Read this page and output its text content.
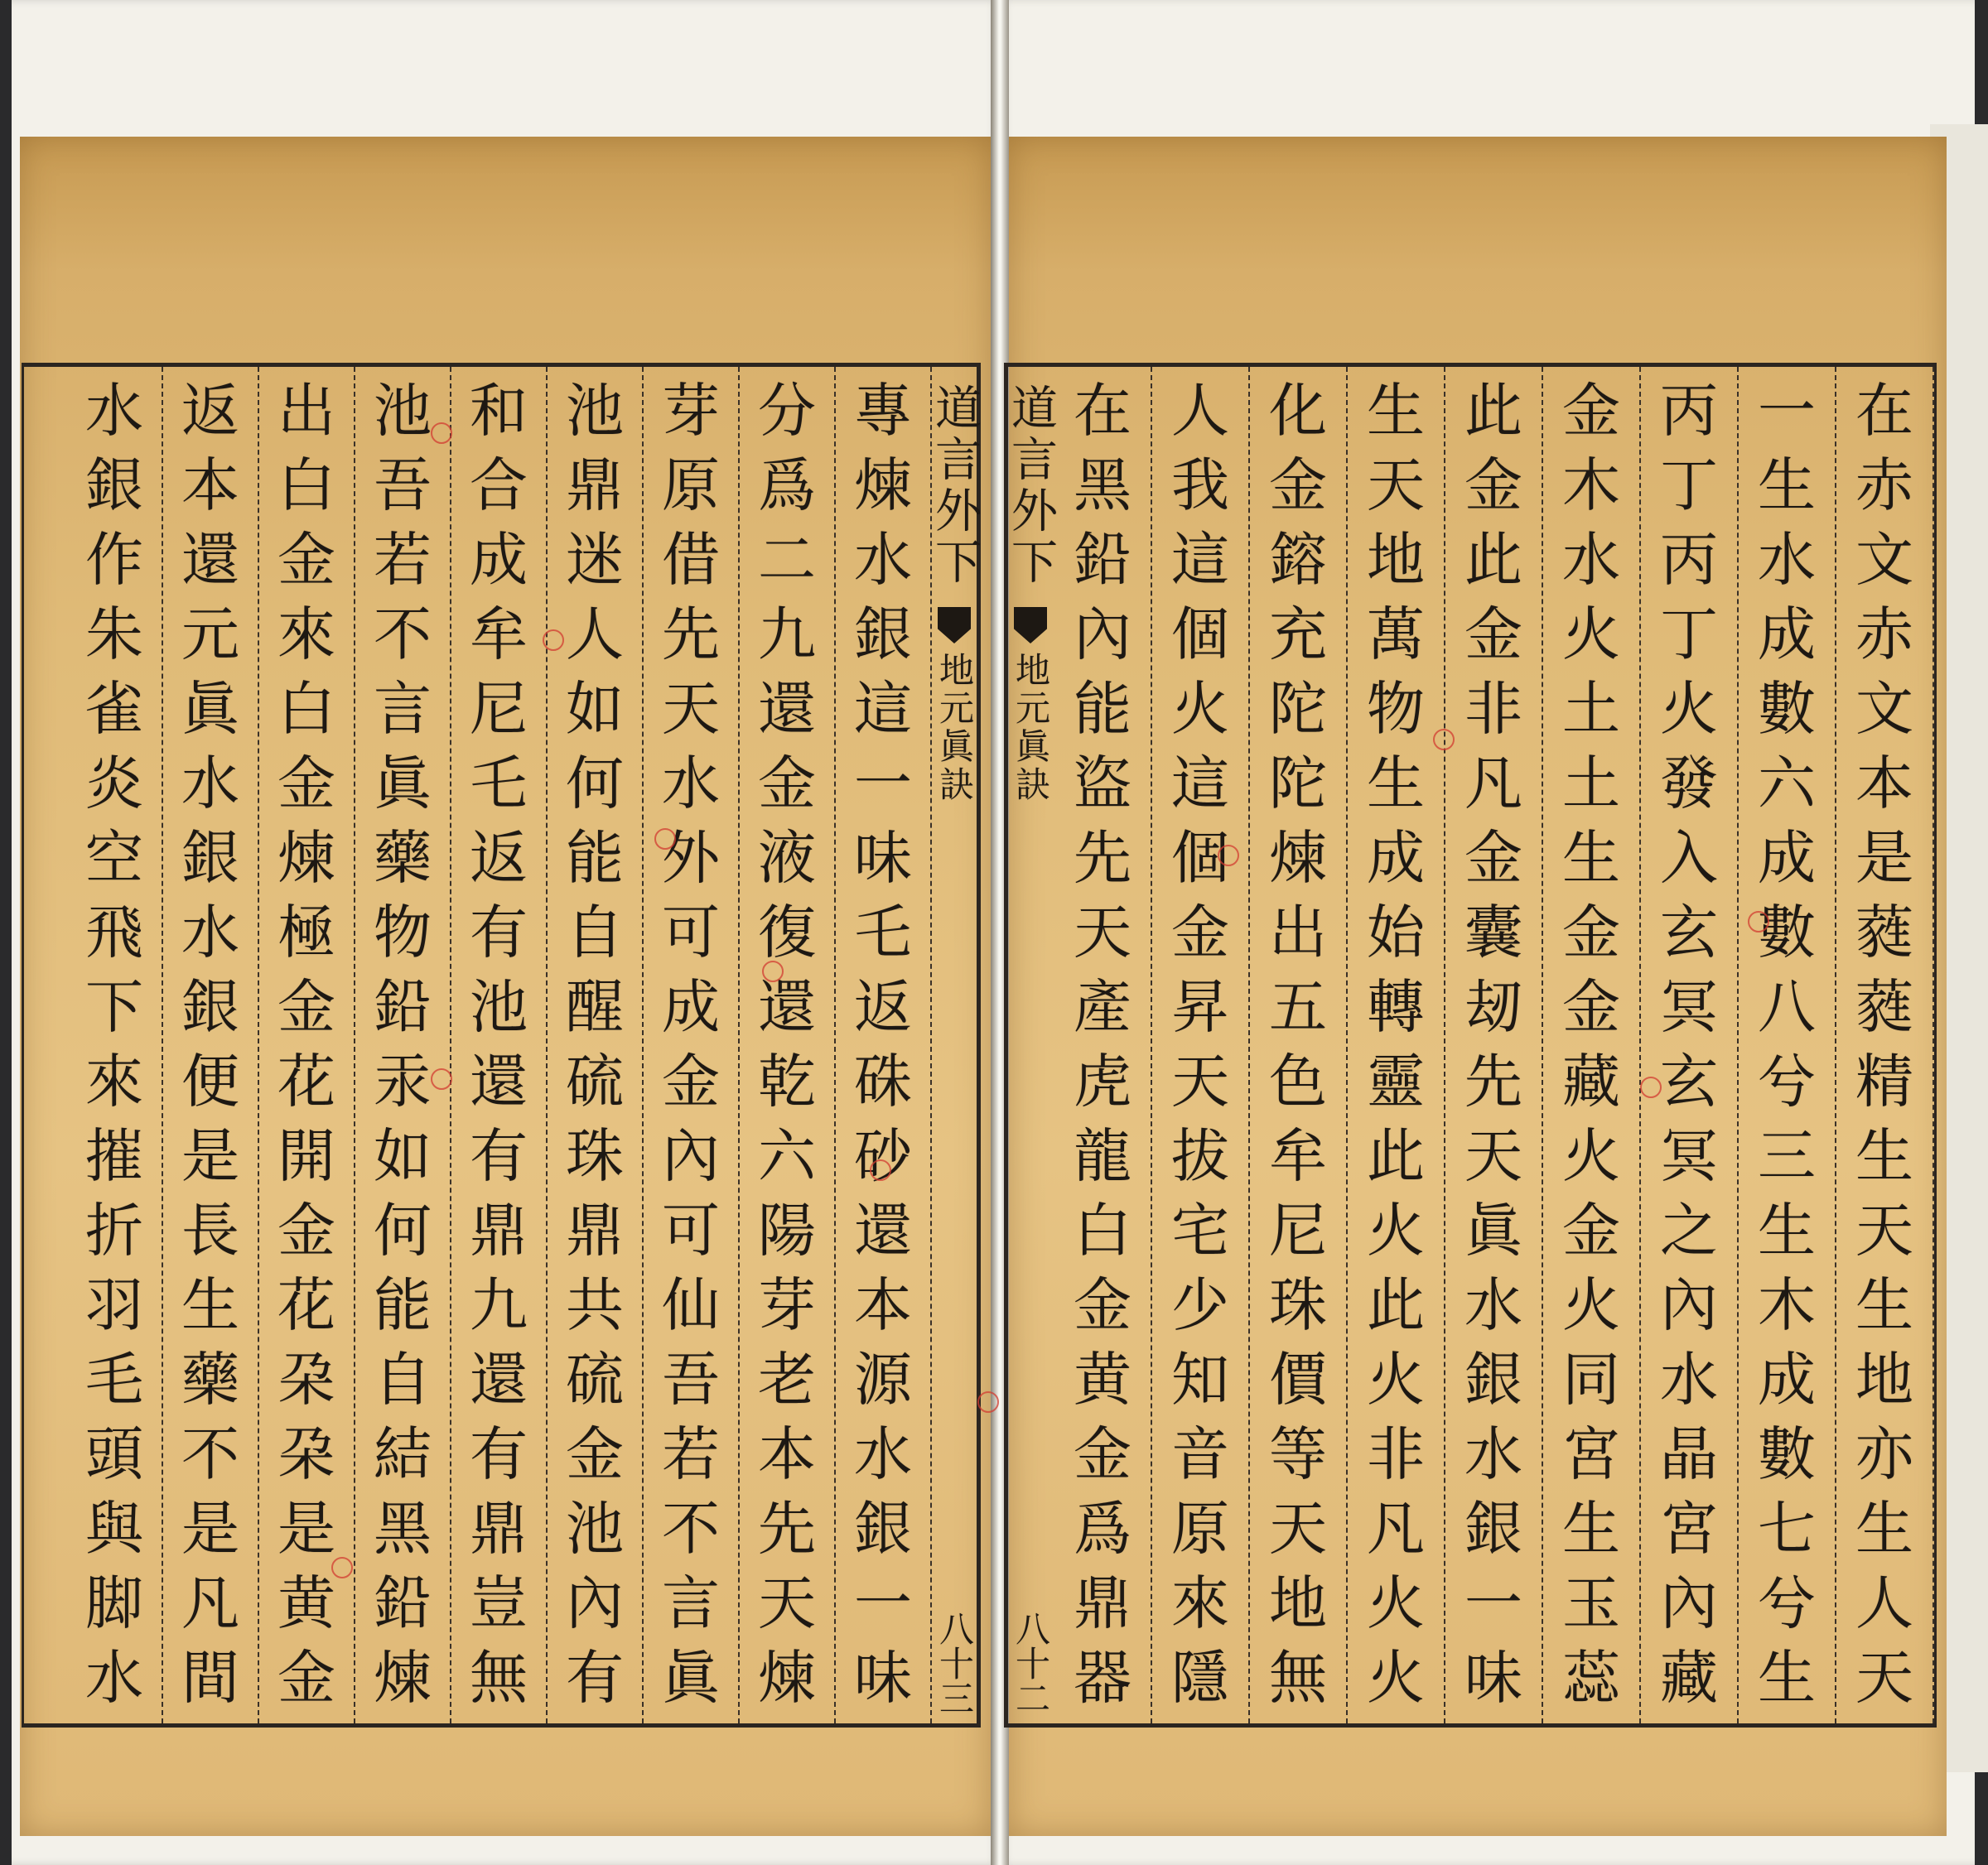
道言外下
地元眞訣
八十三
專
煉
水
銀
這
一
味
乇
返
硃
砂
還
本
源
水
銀
一
味
分
爲
二
九
還
金
液
復
還
乾
六
陽
芽
老
本
先
天
煉
芽
原
借
先
天
水
外
可
成
金
內
可
仙
吾
若
不
言
眞
池
鼎
迷
人
如
何
能
自
醒
硫
珠
鼎
共
硫
金
池
內
有
和
合
成
牟
尼
乇
返
有
池
還
有
鼎
九
還
有
鼎
豈
無
池
吾
若
不
言
眞
藥
物
鉛
汞
如
何
能
自
結
黑
鉛
煉
出
白
金
來
白
金
煉
極
金
花
開
金
花
朶
朶
是
黄
金
返
本
還
元
眞
水
銀
水
銀
便
是
長
生
藥
不
是
凡
間
水
銀
作
朱
雀
炎
空
飛
下
來
摧
折
羽
毛
頭
與
脚
水
道言外下
地元眞訣
八十二
在
赤
文
赤
文
本
是
蕤
蕤
精
生
天
生
地
亦
生
人
天
一
生
水
成
數
六
成
數
八
兮
三
生
木
成
數
七
兮
生
丙
丁
丙
丁
火
發
入
玄
冥
玄
冥
之
內
水
晶
宮
內
藏
金
木
水
火
土
土
生
金
金
藏
火
金
火
同
宮
生
玉
蕊
此
金
此
金
非
凡
金
囊
刼
先
天
眞
水
銀
水
銀
一
味
生
天
地
萬
物
生
成
始
轉
靈
此
火
此
火
非
凡
火
火
化
金
鎔
充
陀
陀
煉
出
五
色
牟
尼
珠
價
等
天
地
無
人
我
這
個
火
這
個
金
昇
天
拔
宅
少
知
音
原
來
隱
在
黑
鉛
內
能
盜
先
天
產
虎
龍
白
金
黄
金
爲
鼎
器
